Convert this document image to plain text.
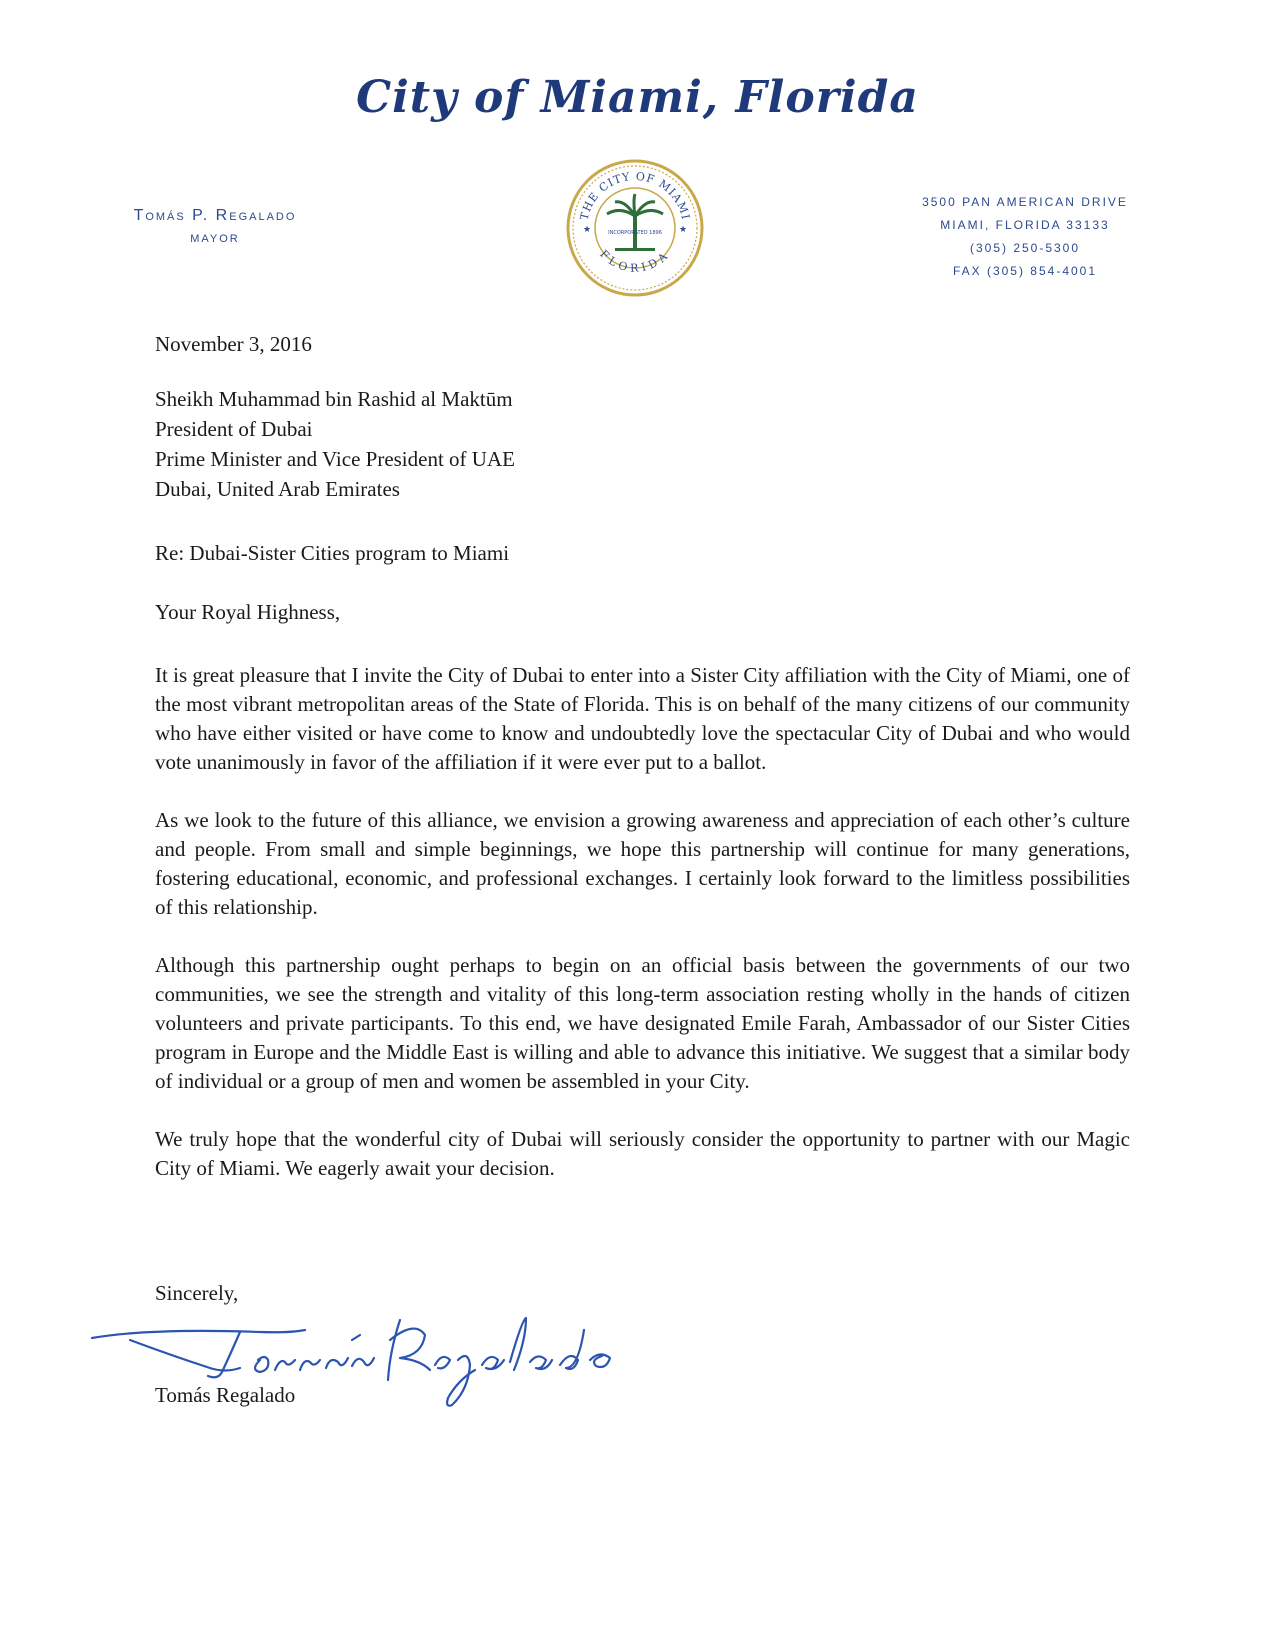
City of Miami, Florida
Tomás P. Regalado
MAYOR
THE CITY OF MIAMI
FLORIDA
★	★
INCORPORATED 1896
3500 PAN AMERICAN DRIVE
MIAMI, FLORIDA 33133
(305) 250-5300
FAX (305) 854-4001
November 3, 2016
Sheikh Muhammad bin Rashid al Maktūm
President of Dubai
Prime Minister and Vice President of UAE
Dubai, United Arab Emirates
Re: Dubai-Sister Cities program to Miami
Your Royal Highness,

It is great pleasure that I invite the City of Dubai to enter into a Sister City affiliation with the City of Miami, one of the most vibrant metropolitan areas of the State of Florida. This is on behalf of the many citizens of our community who have either visited or have come to know and undoubtedly love the spectacular City of Dubai and who would vote unanimously in favor of the affiliation if it were ever put to a ballot.

As we look to the future of this alliance, we envision a growing awareness and appreciation of each other’s culture and people. From small and simple beginnings, we hope this partnership will continue for many generations, fostering educational, economic, and professional exchanges. I certainly look forward to the limitless possibilities of this relationship.

Although this partnership ought perhaps to begin on an official basis between the governments of our two communities, we see the strength and vitality of this long-term association resting wholly in the hands of citizen volunteers and private participants. To this end, we have designated Emile Farah, Ambassador of our Sister Cities program in Europe and the Middle East is willing and able to advance this initiative. We suggest that a similar body of individual or a group of men and women be assembled in your City.

We truly hope that the wonderful city of Dubai will seriously consider the opportunity to partner with our Magic City of Miami. We eagerly await your decision.

Sincerely,
Tomás Regalado
